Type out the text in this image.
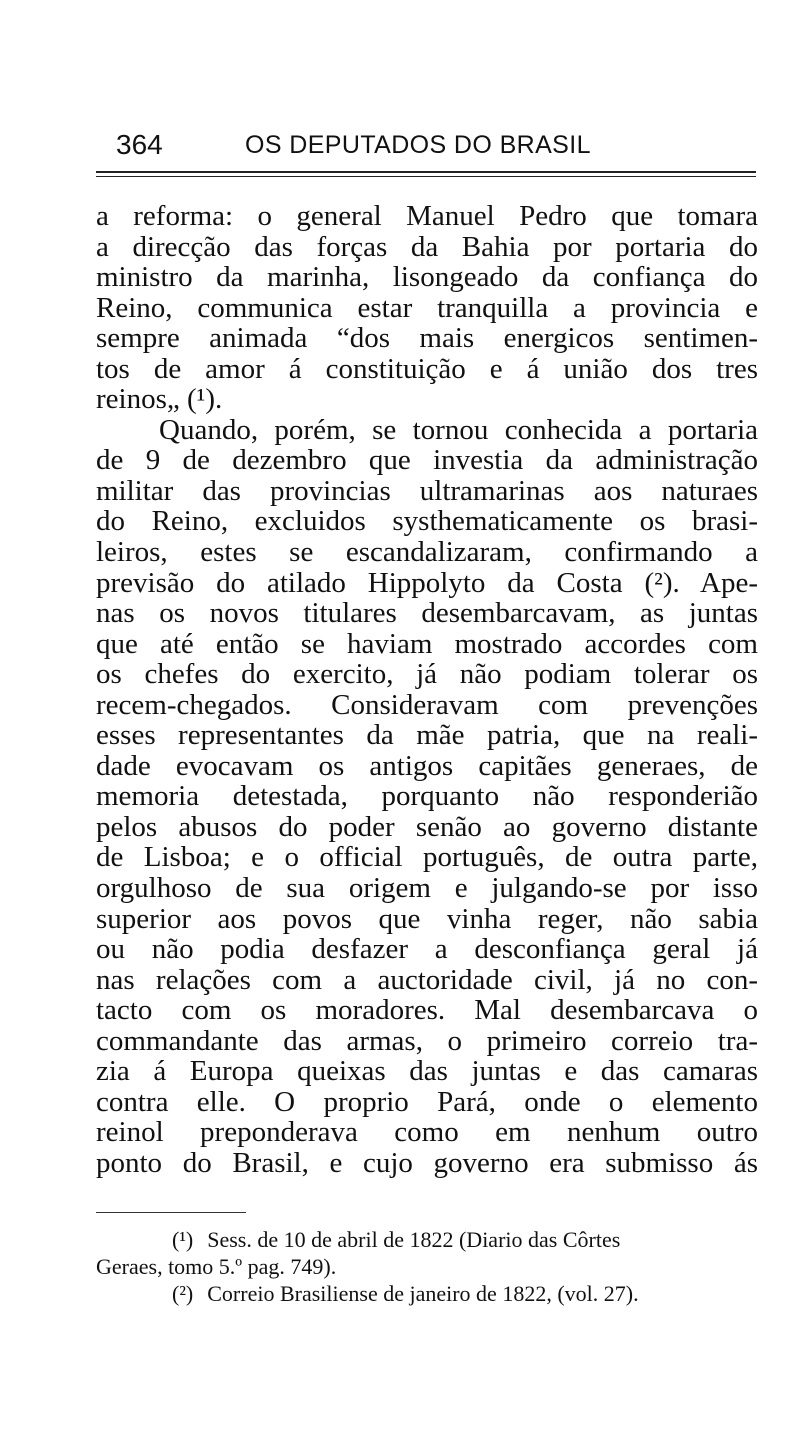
364	OS DEPUTADOS DO BRASIL
a reforma: o general Manuel Pedro que tomara
a direcção das forças da Bahia por portaria do
ministro da marinha, lisongeado da confiança do
Reino, communica estar tranquilla a provincia e
sempre animada “dos mais energicos sentimen-
tos de amor á constituição e á união dos tres
reinos„ (¹).
Quando, porém, se tornou conhecida a portaria
de 9 de dezembro que investia da administração
militar das provincias ultramarinas aos naturaes
do Reino, excluidos systhematicamente os brasi-
leiros, estes se escandalizaram, confirmando a
previsão do atilado Hippolyto da Costa (²). Ape-
nas os novos titulares desembarcavam, as juntas
que até então se haviam mostrado accordes com
os chefes do exercito, já não podiam tolerar os
recem-chegados. Consideravam com prevenções
esses representantes da mãe patria, que na reali-
dade evocavam os antigos capitães generaes, de
memoria detestada, porquanto não responderião
pelos abusos do poder senão ao governo distante
de Lisboa; e o official português, de outra parte,
orgulhoso de sua origem e julgando-se por isso
superior aos povos que vinha reger, não sabia
ou não podia desfazer a desconfiança geral já
nas relações com a auctoridade civil, já no con-
tacto com os moradores. Mal desembarcava o
commandante das armas, o primeiro correio tra-
zia á Europa queixas das juntas e das camaras
contra elle. O proprio Pará, onde o elemento
reinol preponderava como em nenhum outro
ponto do Brasil, e cujo governo era submisso ás
(¹) Sess. de 10 de abril de 1822 (Diario das Côrtes
Geraes, tomo 5.º pag. 749).
(²) Correio Brasiliense de janeiro de 1822, (vol. 27).
